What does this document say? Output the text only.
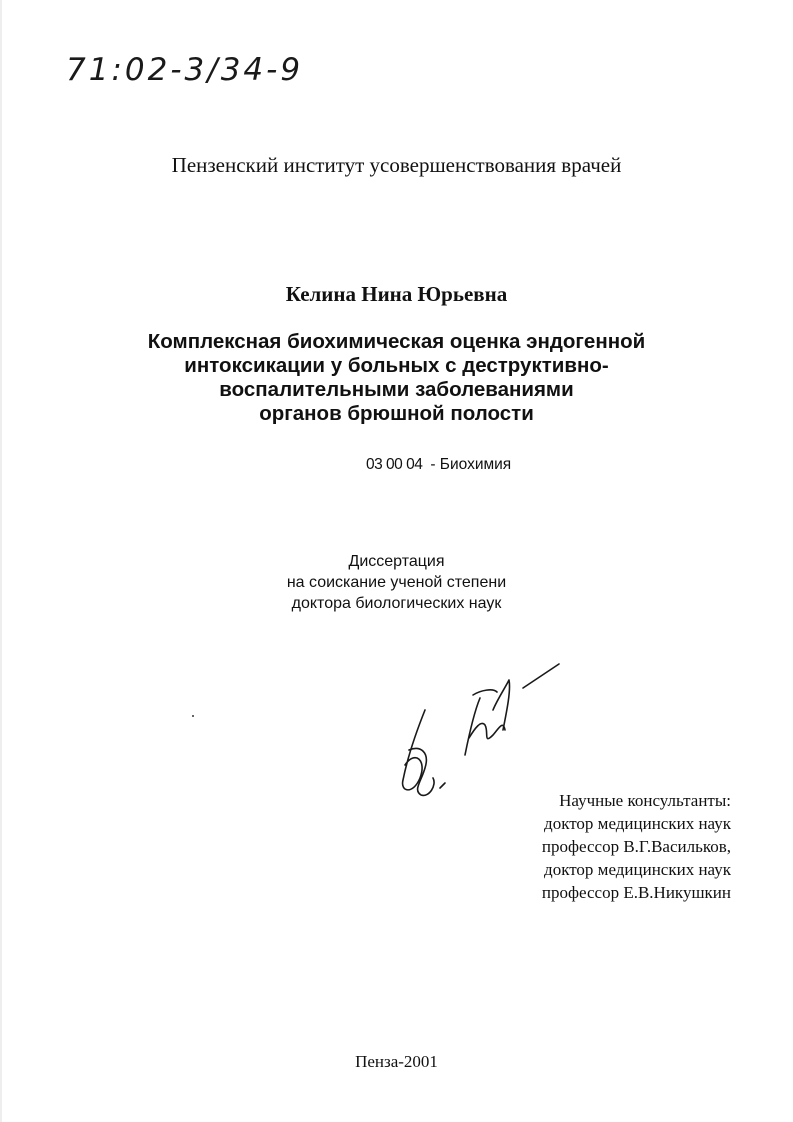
71:02-3/34-9
Пензенский институт усовершенствования врачей
Келина Нина Юрьевна
Комплексная биохимическая оценка эндогенной
интоксикации у больных с деструктивно-
воспалительными заболеваниями
органов брюшной полости
03 00 04 - Биохимия
Диссертация
на соискание ученой степени
доктора биологических наук
Научные консультанты:
доктор медицинских наук
профессор В.Г.Васильков,
доктор медицинских наук
профессор Е.В.Никушкин
Пенза-2001
